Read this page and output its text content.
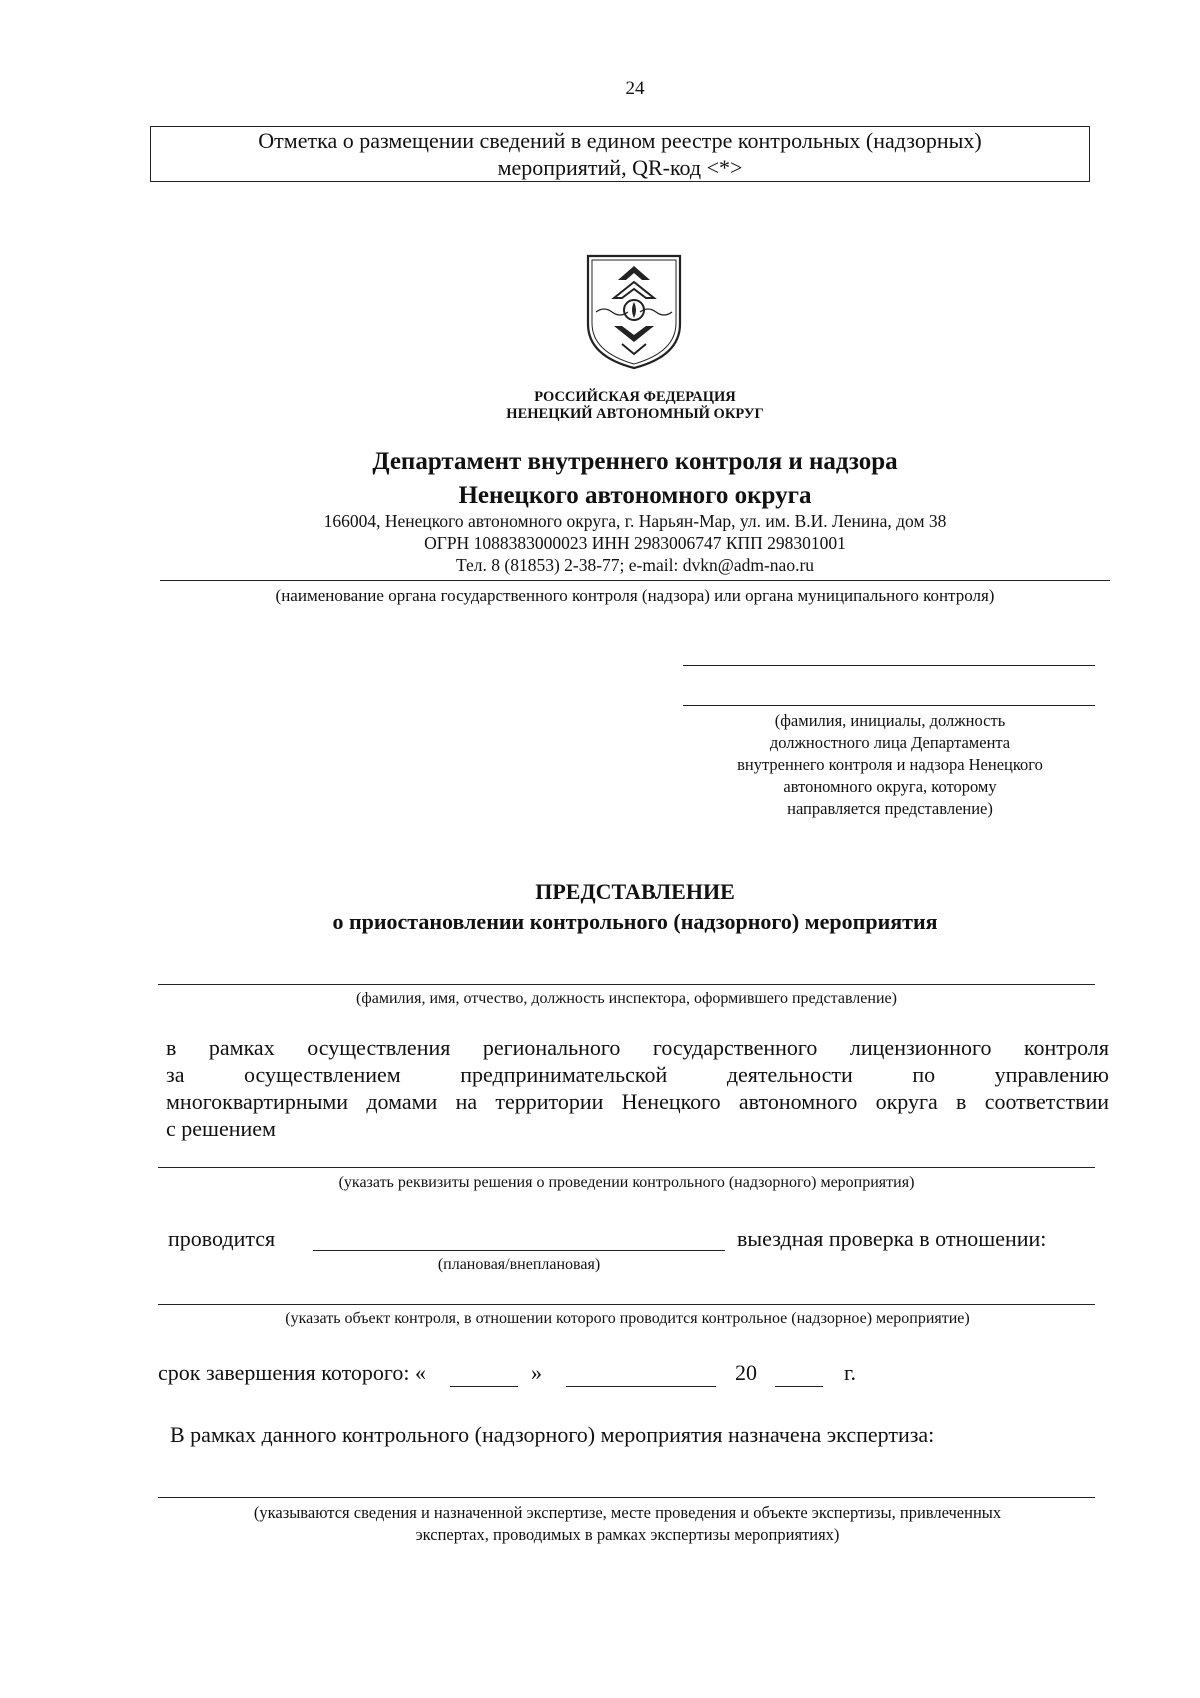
24
Отметка о размещении сведений в едином реестре контрольных (надзорных)
мероприятий, QR-код <*>
РОССИЙСКАЯ ФЕДЕРАЦИЯ
НЕНЕЦКИЙ АВТОНОМНЫЙ ОКРУГ
Департамент внутреннего контроля и надзора
Ненецкого автономного округа
166004, Ненецкого автономного округа, г. Нарьян-Мар, ул. им. В.И. Ленина, дом 38
ОГРН 1088383000023 ИНН 2983006747 КПП 298301001
Тел. 8 (81853) 2-38-77; e-mail: dvkn@adm-nao.ru
(наименование органа государственного контроля (надзора) или органа муниципального контроля)
(фамилия, инициалы, должность
должностного лица Департамента
внутреннего контроля и надзора Ненецкого
автономного округа, которому
направляется представление)
ПРЕДСТАВЛЕНИЕ
о приостановлении контрольного (надзорного) мероприятия
(фамилия, имя, отчество, должность инспектора, оформившего представление)
в рамках осуществления регионального государственного лицензионного контроля
за осуществлением предпринимательской деятельности по управлению
многоквартирными домами на территории Ненецкого автономного округа в соответствии
с решением
(указать реквизиты решения о проведении контрольного (надзорного) мероприятия)
проводится	выездная проверка в отношении:
(плановая/внеплановая)
(указать объект контроля, в отношении которого проводится контрольное (надзорное) мероприятие)
срок завершения которого: «	»	20	г.
В рамках данного контрольного (надзорного) мероприятия назначена экспертиза:
(указываются сведения и назначенной экспертизе, месте проведения и объекте экспертизы, привлеченных
экспертах, проводимых в рамках экспертизы мероприятиях)
